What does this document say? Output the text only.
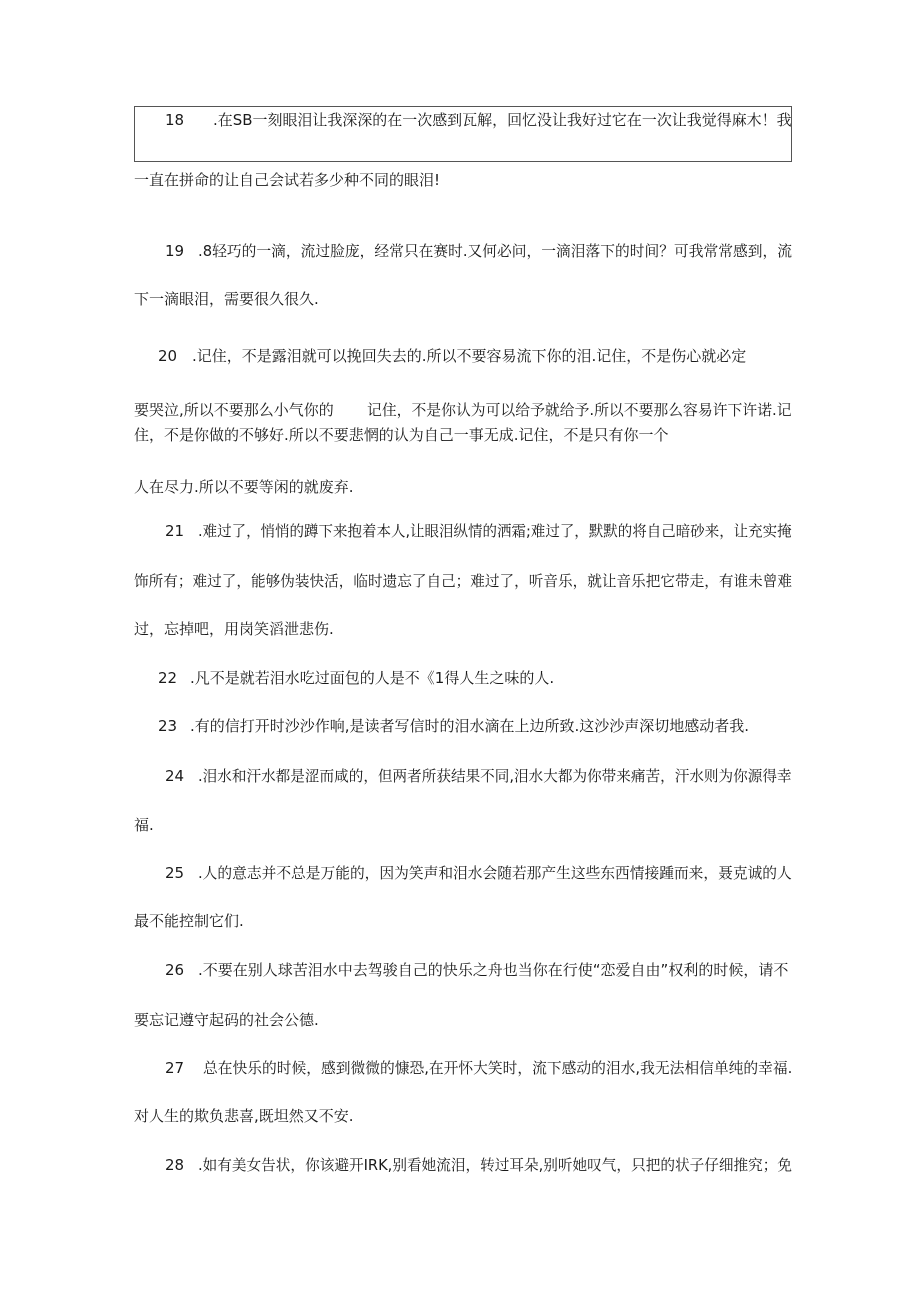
18 .在SB一刻眼泪让我深深的在一次感到瓦解，回忆没让我好过它在一次让我觉得麻木！我
一直在拼命的让自己会试若多少种不同的眼泪!
19 .8轻巧的一滴，流过脸庞，经常只在赛时.又何必问，一滴泪落下的时间？可我常常感到，流
下一滴眼泪，需要很久很久.
20 .记住，不是露泪就可以挽回失去的.所以不要容易流下你的泪.记住，不是伤心就必定
要哭泣,所以不要那么小气你的 记住，不是你认为可以给予就给予.所以不要那么容易许下许诺.记
住，不是你做的不够好.所以不要悲惘的认为自己一事无成.记住，不是只有你一个
人在尽力.所以不要等闲的就废弃.
21 .难过了，悄悄的蹲下来抱着本人,让眼泪纵情的洒霜;难过了，默默的将自己暗砂来，让充实掩
饰所有；难过了，能够伪装快活，临时遗忘了自己；难过了，听音乐，就让音乐把它带走，有谁未曾难
过，忘掉吧，用岗笑滔泄悲伤.
22 .凡不是就若泪水吃过面包的人是不《1得人生之味的人.
23 .有的信打开时沙沙作响,是读者写信时的泪水滴在上边所致.这沙沙声深切地感动者我.
24 .泪水和汗水都是涩而咸的，但两者所获结果不同,泪水大都为你带来痛苦，汗水则为你源得幸
福.
25 .人的意志并不总是万能的，因为笑声和泪水会随若那产生这些东西情接踵而来，聂克诚的人
最不能控制它们.
26 .不要在别人球苦泪水中去驾骏自己的快乐之舟也当你在行使“恋爱自由”权利的时候，请不
要忘记遵守起码的社会公德.
27 总在快乐的时候，感到微微的慷恐,在开怀大笑时，流下感动的泪水,我无法相信单纯的幸福.
对人生的欺负悲喜,既坦然又不安.
28 .如有美女告状，你该避开IRK,别看她流泪，转过耳朵,别听她叹气，只把的状子仔细推究；免
